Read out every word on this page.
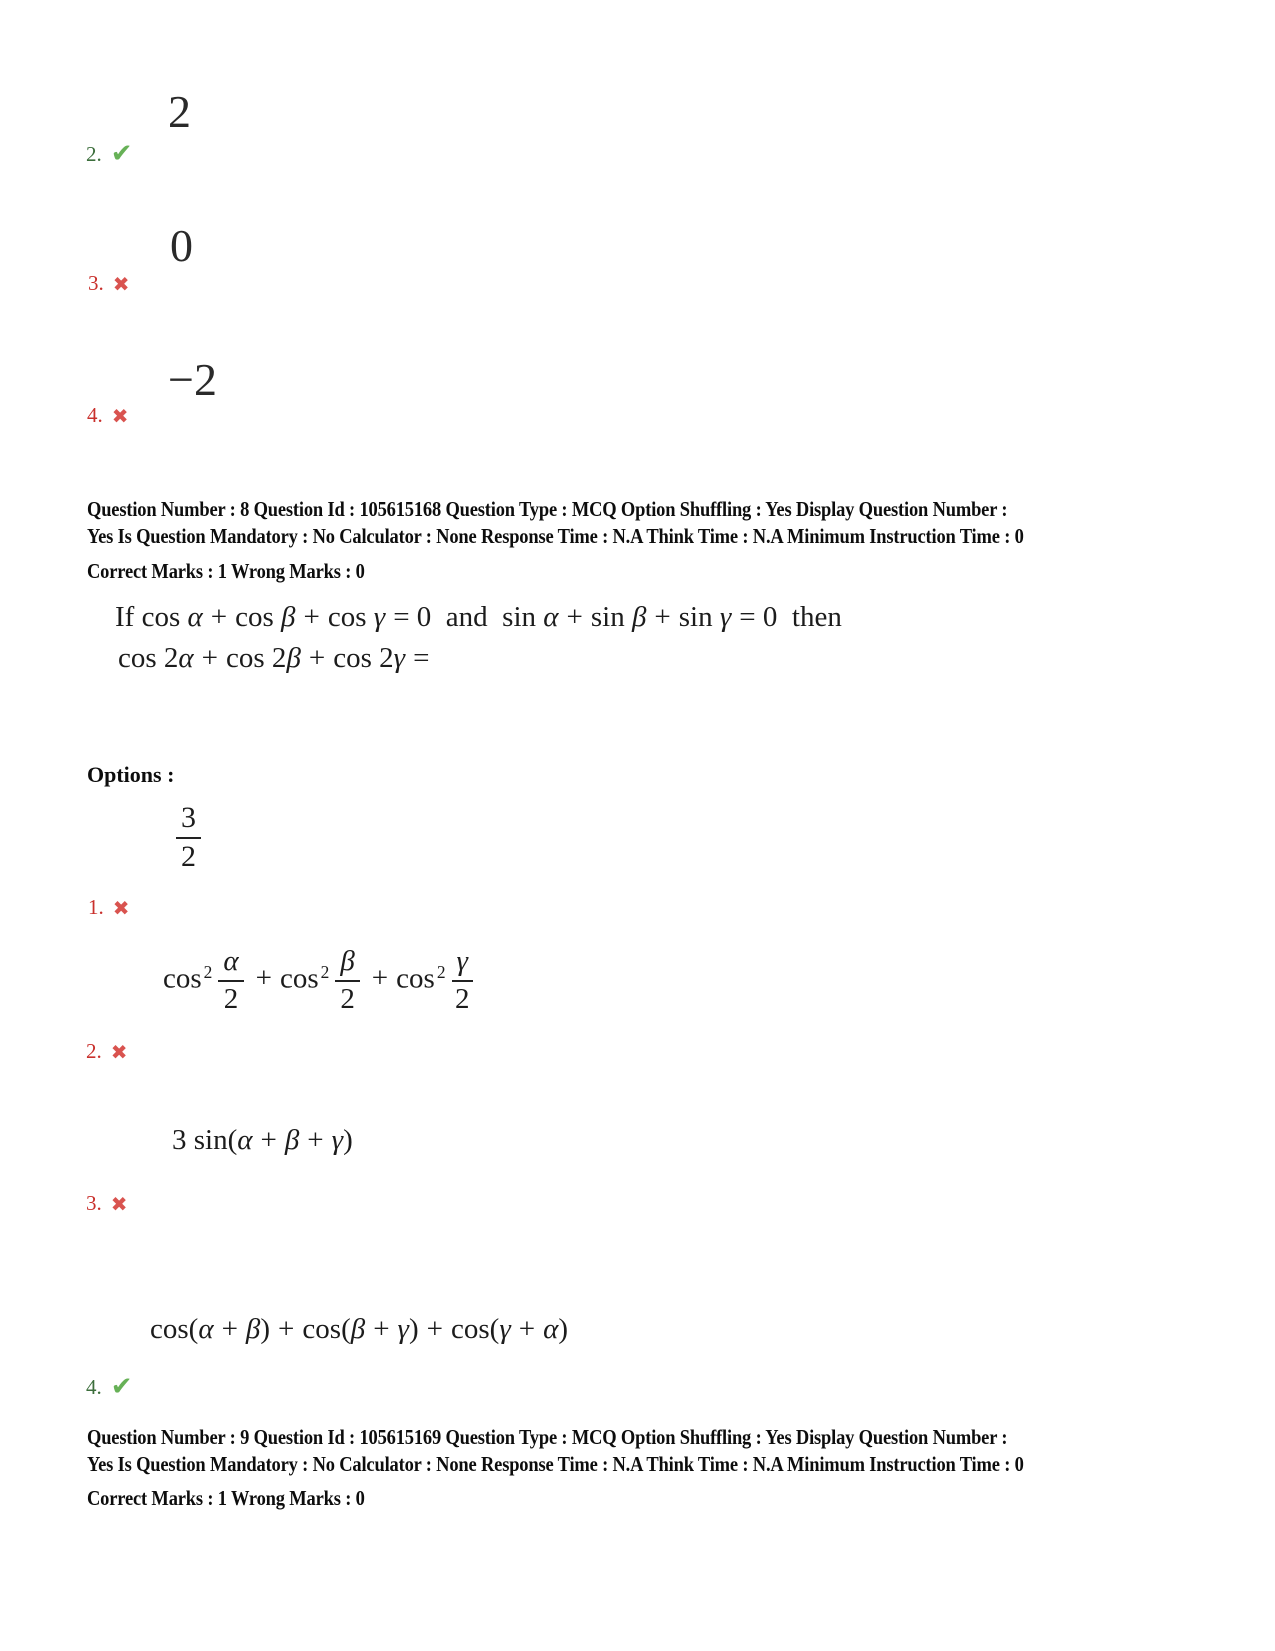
2
2. ✔
0
3. ✖
−2
4. ✖
Question Number : 8 Question Id : 105615168 Question Type : MCQ Option Shuffling : Yes Display Question Number :
Yes Is Question Mandatory : No Calculator : None Response Time : N.A Think Time : N.A Minimum Instruction Time : 0
Correct Marks : 1 Wrong Marks : 0
If cos α + cos β + cos γ = 0  and  sin α + sin β + sin γ = 0  then
cos 2α + cos 2β + cos 2γ =
Options :
$\frac{3}{2}$
1. ✖
$\cos ^2 \frac{\alpha}{2} + \cos ^2 \frac{\beta}{2} + \cos ^2 \frac{\gamma}{2}$
2. ✖
3 sin(α + β + γ)
3. ✖
cos(α + β) + cos(β + γ) + cos(γ + α)
4. ✔
Question Number : 9 Question Id : 105615169 Question Type : MCQ Option Shuffling : Yes Display Question Number :
Yes Is Question Mandatory : No Calculator : None Response Time : N.A Think Time : N.A Minimum Instruction Time : 0
Correct Marks : 1 Wrong Marks : 0
